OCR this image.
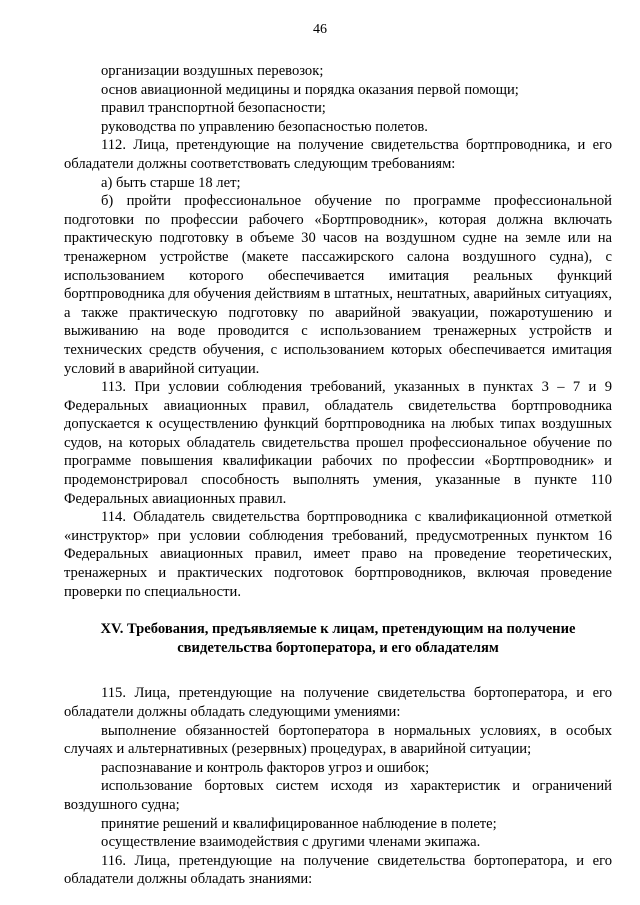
46

организации воздушных перевозок;

основ авиационной медицины и порядка оказания первой помощи;

правил транспортной безопасности;

руководства по управлению безопасностью полетов.

112. Лица, претендующие на получение свидетельства бортпроводника, и его обладатели должны соответствовать следующим требованиям:

а) быть старше 18 лет;

б) пройти профессиональное обучение по программе профессиональной подготовки по профессии рабочего «Бортпроводник», которая должна включать практическую подготовку в объеме 30 часов на воздушном судне на земле или на тренажерном устройстве (макете пассажирского салона воздушного судна), с использованием которого обеспечивается имитация реальных функций бортпроводника для обучения действиям в штатных, нештатных, аварийных ситуациях, а также практическую подготовку по аварийной эвакуации, пожаротушению и выживанию на воде проводится с использованием тренажерных устройств и технических средств обучения, с использованием которых обеспечивается имитация условий в аварийной ситуации.

113. При условии соблюдения требований, указанных в пунктах 3 – 7 и 9 Федеральных авиационных правил, обладатель свидетельства бортпроводника допускается к осуществлению функций бортпроводника на любых типах воздушных судов, на которых обладатель свидетельства прошел профессиональное обучение по программе повышения квалификации рабочих по профессии «Бортпроводник» и продемонстрировал способность выполнять умения, указанные в пункте 110 Федеральных авиационных правил.

114. Обладатель свидетельства бортпроводника с квалификационной отметкой «инструктор» при условии соблюдения требований, предусмотренных пунктом 16 Федеральных авиационных правил, имеет право на проведение теоретических, тренажерных и практических подготовок бортпроводников, включая проведение проверки по специальности.

XV. Требования, предъявляемые к лицам, претендующим на получение
свидетельства бортоператора, и его обладателям

115. Лица, претендующие на получение свидетельства бортоператора, и его обладатели должны обладать следующими умениями:

выполнение обязанностей бортоператора в нормальных условиях, в особых случаях и альтернативных (резервных) процедурах, в аварийной ситуации;

распознавание и контроль факторов угроз и ошибок;

использование бортовых систем исходя из характеристик и ограничений воздушного судна;

принятие решений и квалифицированное наблюдение в полете;

осуществление взаимодействия с другими членами экипажа.

116. Лица, претендующие на получение свидетельства бортоператора, и его обладатели должны обладать знаниями:
